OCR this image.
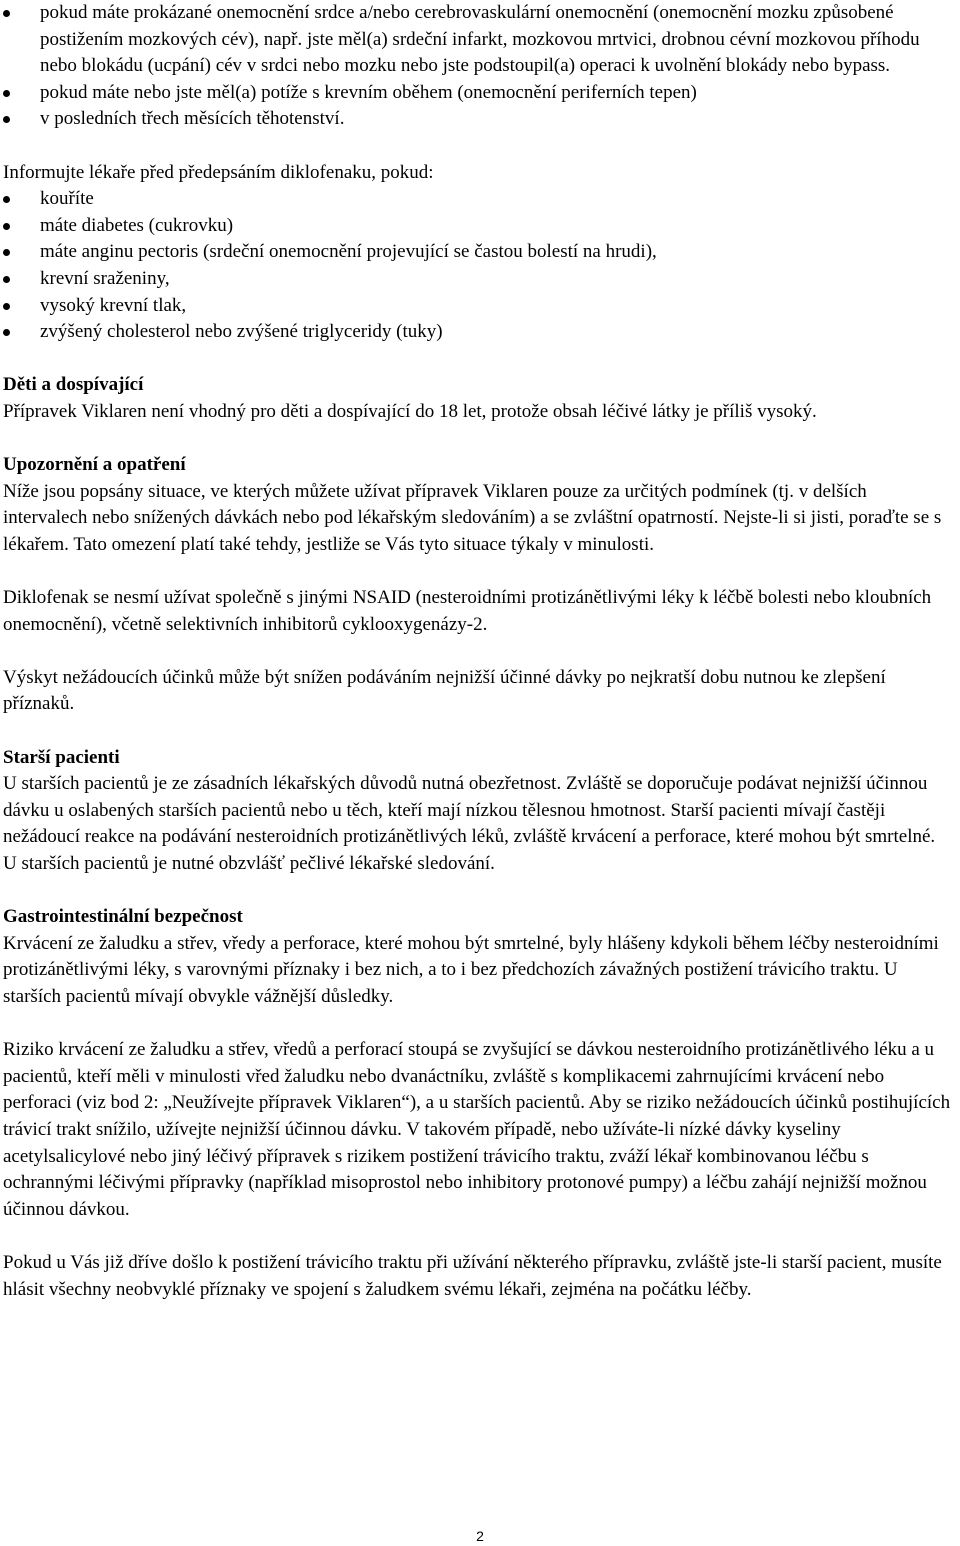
pokud máte prokázané onemocnění srdce a/nebo cerebrovaskulární onemocnění (onemocnění mozku způsobené postižením mozkových cév), např. jste měl(a) srdeční infarkt, mozkovou mrtvici, drobnou cévní mozkovou příhodu nebo blokádu (ucpání) cév v srdci nebo mozku nebo jste podstoupil(a) operaci k uvolnění blokády nebo bypass.
pokud máte nebo jste měl(a) potíže s krevním oběhem (onemocnění periferních tepen)
v posledních třech měsících těhotenství.

Informujte lékaře před předepsáním diklofenaku, pokud:

kouříte
máte diabetes (cukrovku)
máte anginu pectoris (srdeční onemocnění projevující se častou bolestí na hrudi),
krevní sraženiny,
vysoký krevní tlak,
zvýšený cholesterol nebo zvýšené triglyceridy (tuky)

Děti a dospívající

Přípravek Viklaren není vhodný pro děti a dospívající do 18 let, protože obsah léčivé látky je příliš vysoký.

Upozornění a opatření

Níže jsou popsány situace, ve kterých můžete užívat přípravek Viklaren pouze za určitých podmínek (tj. v delších intervalech nebo snížených dávkách nebo pod lékařským sledováním) a se zvláštní opatrností. Nejste-li si jisti, poraďte se s lékařem. Tato omezení platí také tehdy, jestliže se Vás tyto situace týkaly v minulosti.

Diklofenak se nesmí užívat společně s jinými NSAID (nesteroidními protizánětlivými léky k léčbě bolesti nebo kloubních onemocnění), včetně selektivních inhibitorů cyklooxygenázy-2.

Výskyt nežádoucích účinků může být snížen podáváním nejnižší účinné dávky po nejkratší dobu nutnou ke zlepšení příznaků.

Starší pacienti

U starších pacientů je ze zásadních lékařských důvodů nutná obezřetnost. Zvláště se doporučuje podávat nejnižší účinnou dávku u oslabených starších pacientů nebo u těch, kteří mají nízkou tělesnou hmotnost. Starší pacienti mívají častěji nežádoucí reakce na podávání nesteroidních protizánětlivých léků, zvláště krvácení a perforace, které mohou být smrtelné.

U starších pacientů je nutné obzvlášť pečlivé lékařské sledování.

Gastrointestinální bezpečnost

Krvácení ze žaludku a střev, vředy a perforace, které mohou být smrtelné, byly hlášeny kdykoli během léčby nesteroidními protizánětlivými léky, s varovnými příznaky i bez nich, a to i bez předchozích závažných postižení trávicího traktu. U starších pacientů mívají obvykle vážnější důsledky.

Riziko krvácení ze žaludku a střev, vředů a perforací stoupá se zvyšující se dávkou nesteroidního protizánětlivého léku a u pacientů, kteří měli v minulosti vřed žaludku nebo dvanáctníku, zvláště s komplikacemi zahrnujícími krvácení nebo perforaci (viz bod 2: „Neužívejte přípravek Viklaren“), a u starších pacientů. Aby se riziko nežádoucích účinků postihujících trávicí trakt snížilo, užívejte nejnižší účinnou dávku. V takovém případě, nebo užíváte-li nízké dávky kyseliny acetylsalicylové nebo jiný léčivý přípravek s rizikem postižení trávicího traktu, zváží lékař kombinovanou léčbu s ochrannými léčivými přípravky (například misoprostol nebo inhibitory protonové pumpy) a léčbu zahájí nejnižší možnou účinnou dávkou.

Pokud u Vás již dříve došlo k postižení trávicího traktu při užívání některého přípravku, zvláště jste-li starší pacient, musíte hlásit všechny neobvyklé příznaky ve spojení s žaludkem svému lékaři, zejména na počátku léčby.

2
